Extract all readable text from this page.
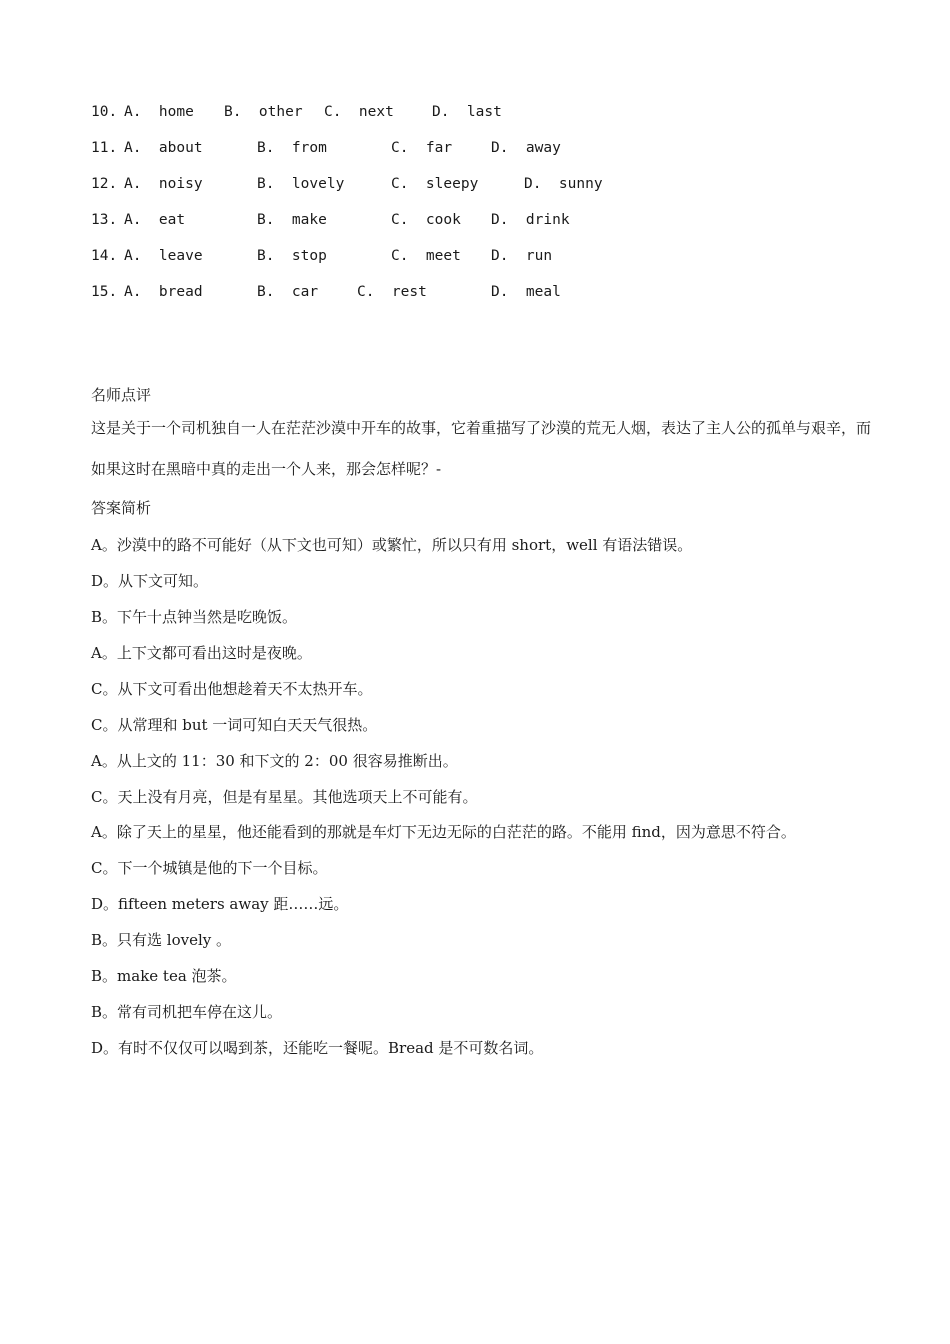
10.

A.  home

B.  other

C.  next

	D.  last

11.

A.  about

	B.  from

	C.  far

	D.  away

12.

A.  noisy

	B.  lovely

	C.  sleepy

	D.  sunny

13.

A.  eat

	B.  make

	C.  cook

D.  drink

14.

A.  leave

	B.  stop

	C.  meet

D.  run

15.

A.  bread

	B.  car

	C.  rest

	D.  meal

名师点评
这是关于一个司机独自一人在茫茫沙漠中开车的故事，它着重描写了沙漠的荒无人烟，表达了主人公的孤单与艰辛，而如果这时在黑暗中真的走出一个人来，那会怎样呢？-
答案简析
A。沙漠中的路不可能好（从下文也可知）或繁忙，所以只有用 short，well 有语法错误。
D。从下文可知。
B。下午十点钟当然是吃晚饭。
A。上下文都可看出这时是夜晚。
C。从下文可看出他想趁着天不太热开车。
C。从常理和 but 一词可知白天天气很热。
A。从上文的 11：30 和下文的 2：00 很容易推断出。
C。天上没有月亮，但是有星星。其他选项天上不可能有。
A。除了天上的星星，他还能看到的那就是车灯下无边无际的白茫茫的路。不能用 find，因为意思不符合。
C。下一个城镇是他的下一个目标。
D。fifteen meters away 距……远。
B。只有选 lovely 。
B。make tea 泡茶。
B。常有司机把车停在这儿。
D。有时不仅仅可以喝到茶，还能吃一餐呢。Bread 是不可数名词。
